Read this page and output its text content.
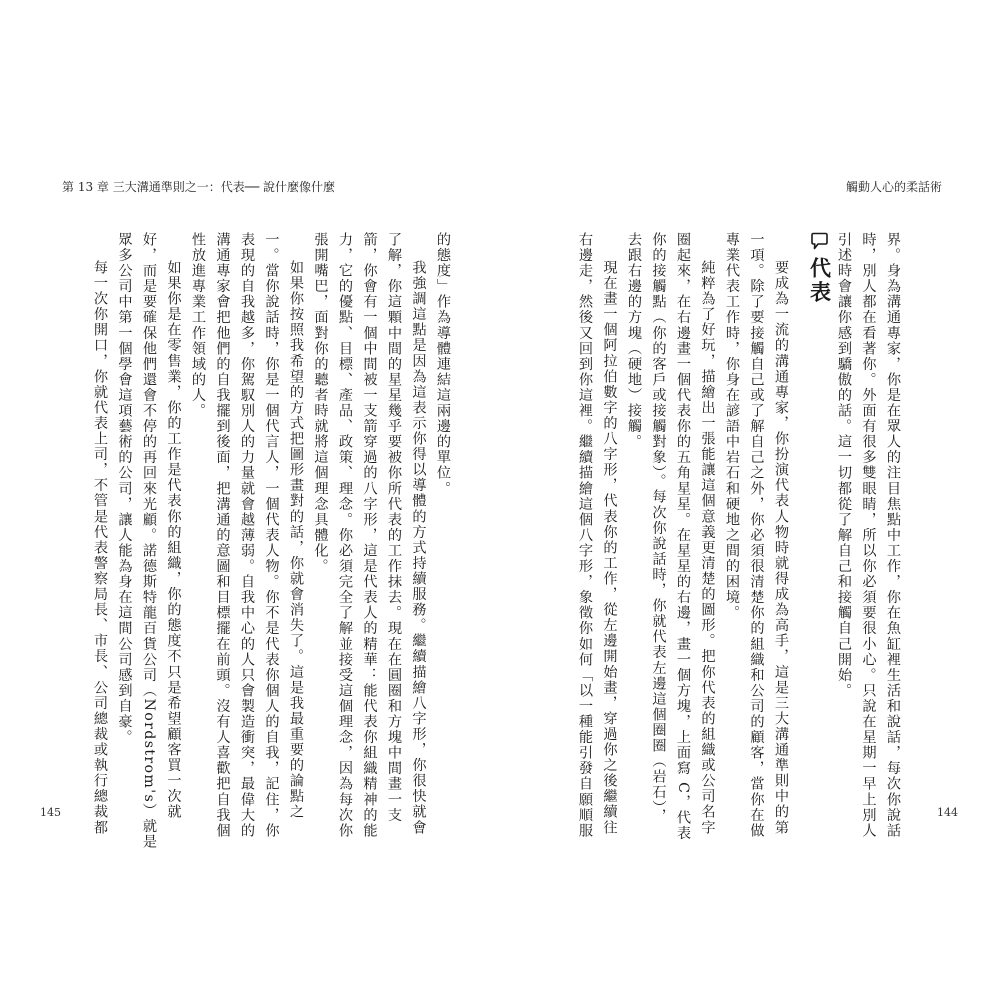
第 13 章 三大溝通準則之一：代表── 說什麼像什麼	觸動人心的柔話術

界。身為溝通專家，你是在眾人的注目焦點中工作，你在魚缸裡生活和說話，每次你說話

時，別人都在看著你。外面有很多雙眼睛，所以你必須要很小心。只說在星期一早上別人

引述時會讓你感到驕傲的話。這一切都從了解自己和接觸自己開始。

代表

要成為一流的溝通專家，你扮演代表人物時就得成為高手，這是三大溝通準則中的第

一項。除了要接觸自己或了解自己之外，你必須很清楚你的組織和公司的顧客，當你在做

專業代表工作時，你身在諺語中岩石和硬地之間的困境。

純粹為了好玩，描繪出一張能讓這個意義更清楚的圖形。把你代表的組織或公司名字

圈起來，在右邊畫一個代表你的五角星星。在星星的右邊，畫一個方塊，上面寫 C，代表

你的接觸點（你的客戶或接觸對象）。每次你說話時，你就代表左邊這個圈圈（岩石），

去跟右邊的方塊（硬地）接觸。

現在畫一個阿拉伯數字的八字形，代表你的工作，從左邊開始畫，穿過你之後繼續往

右邊走，然後又回到你這裡。繼續描繪這個八字形，象徵你如何「以一種能引發自願順服

的態度」作為導體連結這兩邊的單位。

我強調這點是因為這表示你得以導體的方式持續服務。繼續描繪八字形，你很快就會

了解，你這顆中間的星星幾乎要被你所代表的工作抹去。現在在圓圈和方塊中間畫一支

箭，你會有一個中間被一支箭穿過的八字形，這是代表人的精華：能代表你組織精神的能

力，它的優點、目標、產品、政策、理念。你必須完全了解並接受這個理念，因為每次你

張開嘴巴，面對你的聽者時就將這個理念具體化。

如果你按照我希望的方式把圖形畫對的話，你就會消失了。這是我最重要的論點之

一。當你說話時，你是一個代言人，一個代表人物。你不是代表你個人的自我，記住，你

表現的自我越多，你駕馭別人的力量就會越薄弱。自我中心的人只會製造衝突，最偉大的

溝通專家會把他們的自我擺到後面，把溝通的意圖和目標擺在前頭。沒有人喜歡把自我個

性放進專業工作領域的人。

如果你是在零售業，你的工作是代表你的組織，你的態度不只是希望顧客買一次就

好，而是要確保他們還會不停的再回來光顧。諾德斯特龍百貨公司（Nordstrom's）就是

眾多公司中第一個學會這項藝術的公司，讓人能為身在這間公司感到自豪。

每一次你開口，你就代表上司，不管是代表警察局長、市長、公司總裁或執行總裁都

145	144
